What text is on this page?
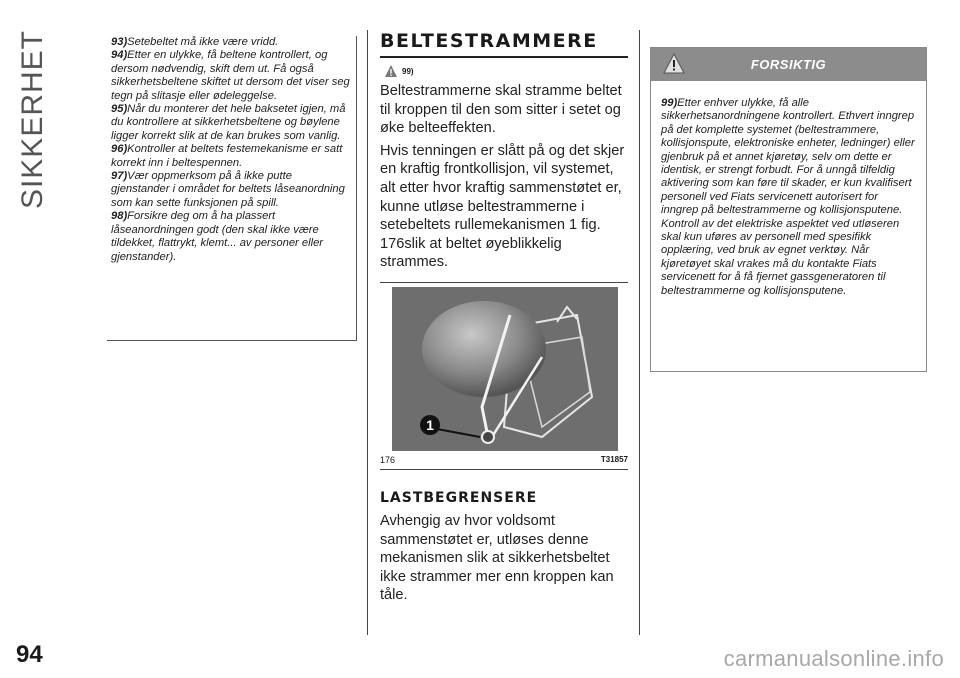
SIKKERHET
94	carmanualsonline.info

93)Setebeltet må ikke være vridd.

94)Etter en ulykke, få beltene kontrollert, og dersom nødvendig, skift dem ut. Få også sikkerhetsbeltene skiftet ut dersom det viser seg tegn på slitasje eller ødeleggelse.

95)Når du monterer det hele baksetet igjen, må du kontrollere at sikkerhetsbeltene og bøylene ligger korrekt slik at de kan brukes som vanlig.

96)Kontroller at beltets festemekanisme er satt korrekt inn i beltespennen.

97)Vær oppmerksom på å ikke putte gjenstander i området for beltets låseanordning som kan sette funksjonen på spill.

98)Forsikre deg om å ha plassert låseanordningen godt (den skal ikke være tildekket, flattrykt, klemt... av personer eller gjenstander).

BELTESTRAMMERE
99)

Beltestrammerne skal stramme beltet til kroppen til den som sitter i setet og øke belteeffekten.

Hvis tenningen er slått på og det skjer en kraftig frontkollisjon, vil systemet, alt etter hvor kraftig sammenstøtet er, kunne utløse beltestrammerne i setebeltets rullemekanismen 1 fig. 176slik at beltet øyeblikkelig strammes.

1
176	T31857
LASTBEGRENSERE

Avhengig av hvor voldsomt sammenstøtet er, utløses denne mekanismen slik at sikkerhetsbeltet ikke strammer mer enn kroppen kan tåle.

FORSIKTIG

99)Etter enhver ulykke, få alle sikkerhetsanordningene kontrollert. Ethvert inngrep på det komplette systemet (beltestrammere, kollisjonspute, elektroniske enheter, ledninger) eller gjenbruk på et annet kjøretøy, selv om dette er identisk, er strengt forbudt. For å unngå tilfeldig aktivering som kan føre til skader, er kun kvalifisert personell ved Fiats servicenett autorisert for inngrep på beltestrammerne og kollisjonsputene. Kontroll av det elektriske aspektet ved utløseren skal kun uføres av personell med spesifikk opplæring, ved bruk av egnet verktøy. Når kjøretøyet skal vrakes må du kontakte Fiats servicenett for å få fjernet gassgeneratoren til beltestrammerne og kollisjonsputene.
